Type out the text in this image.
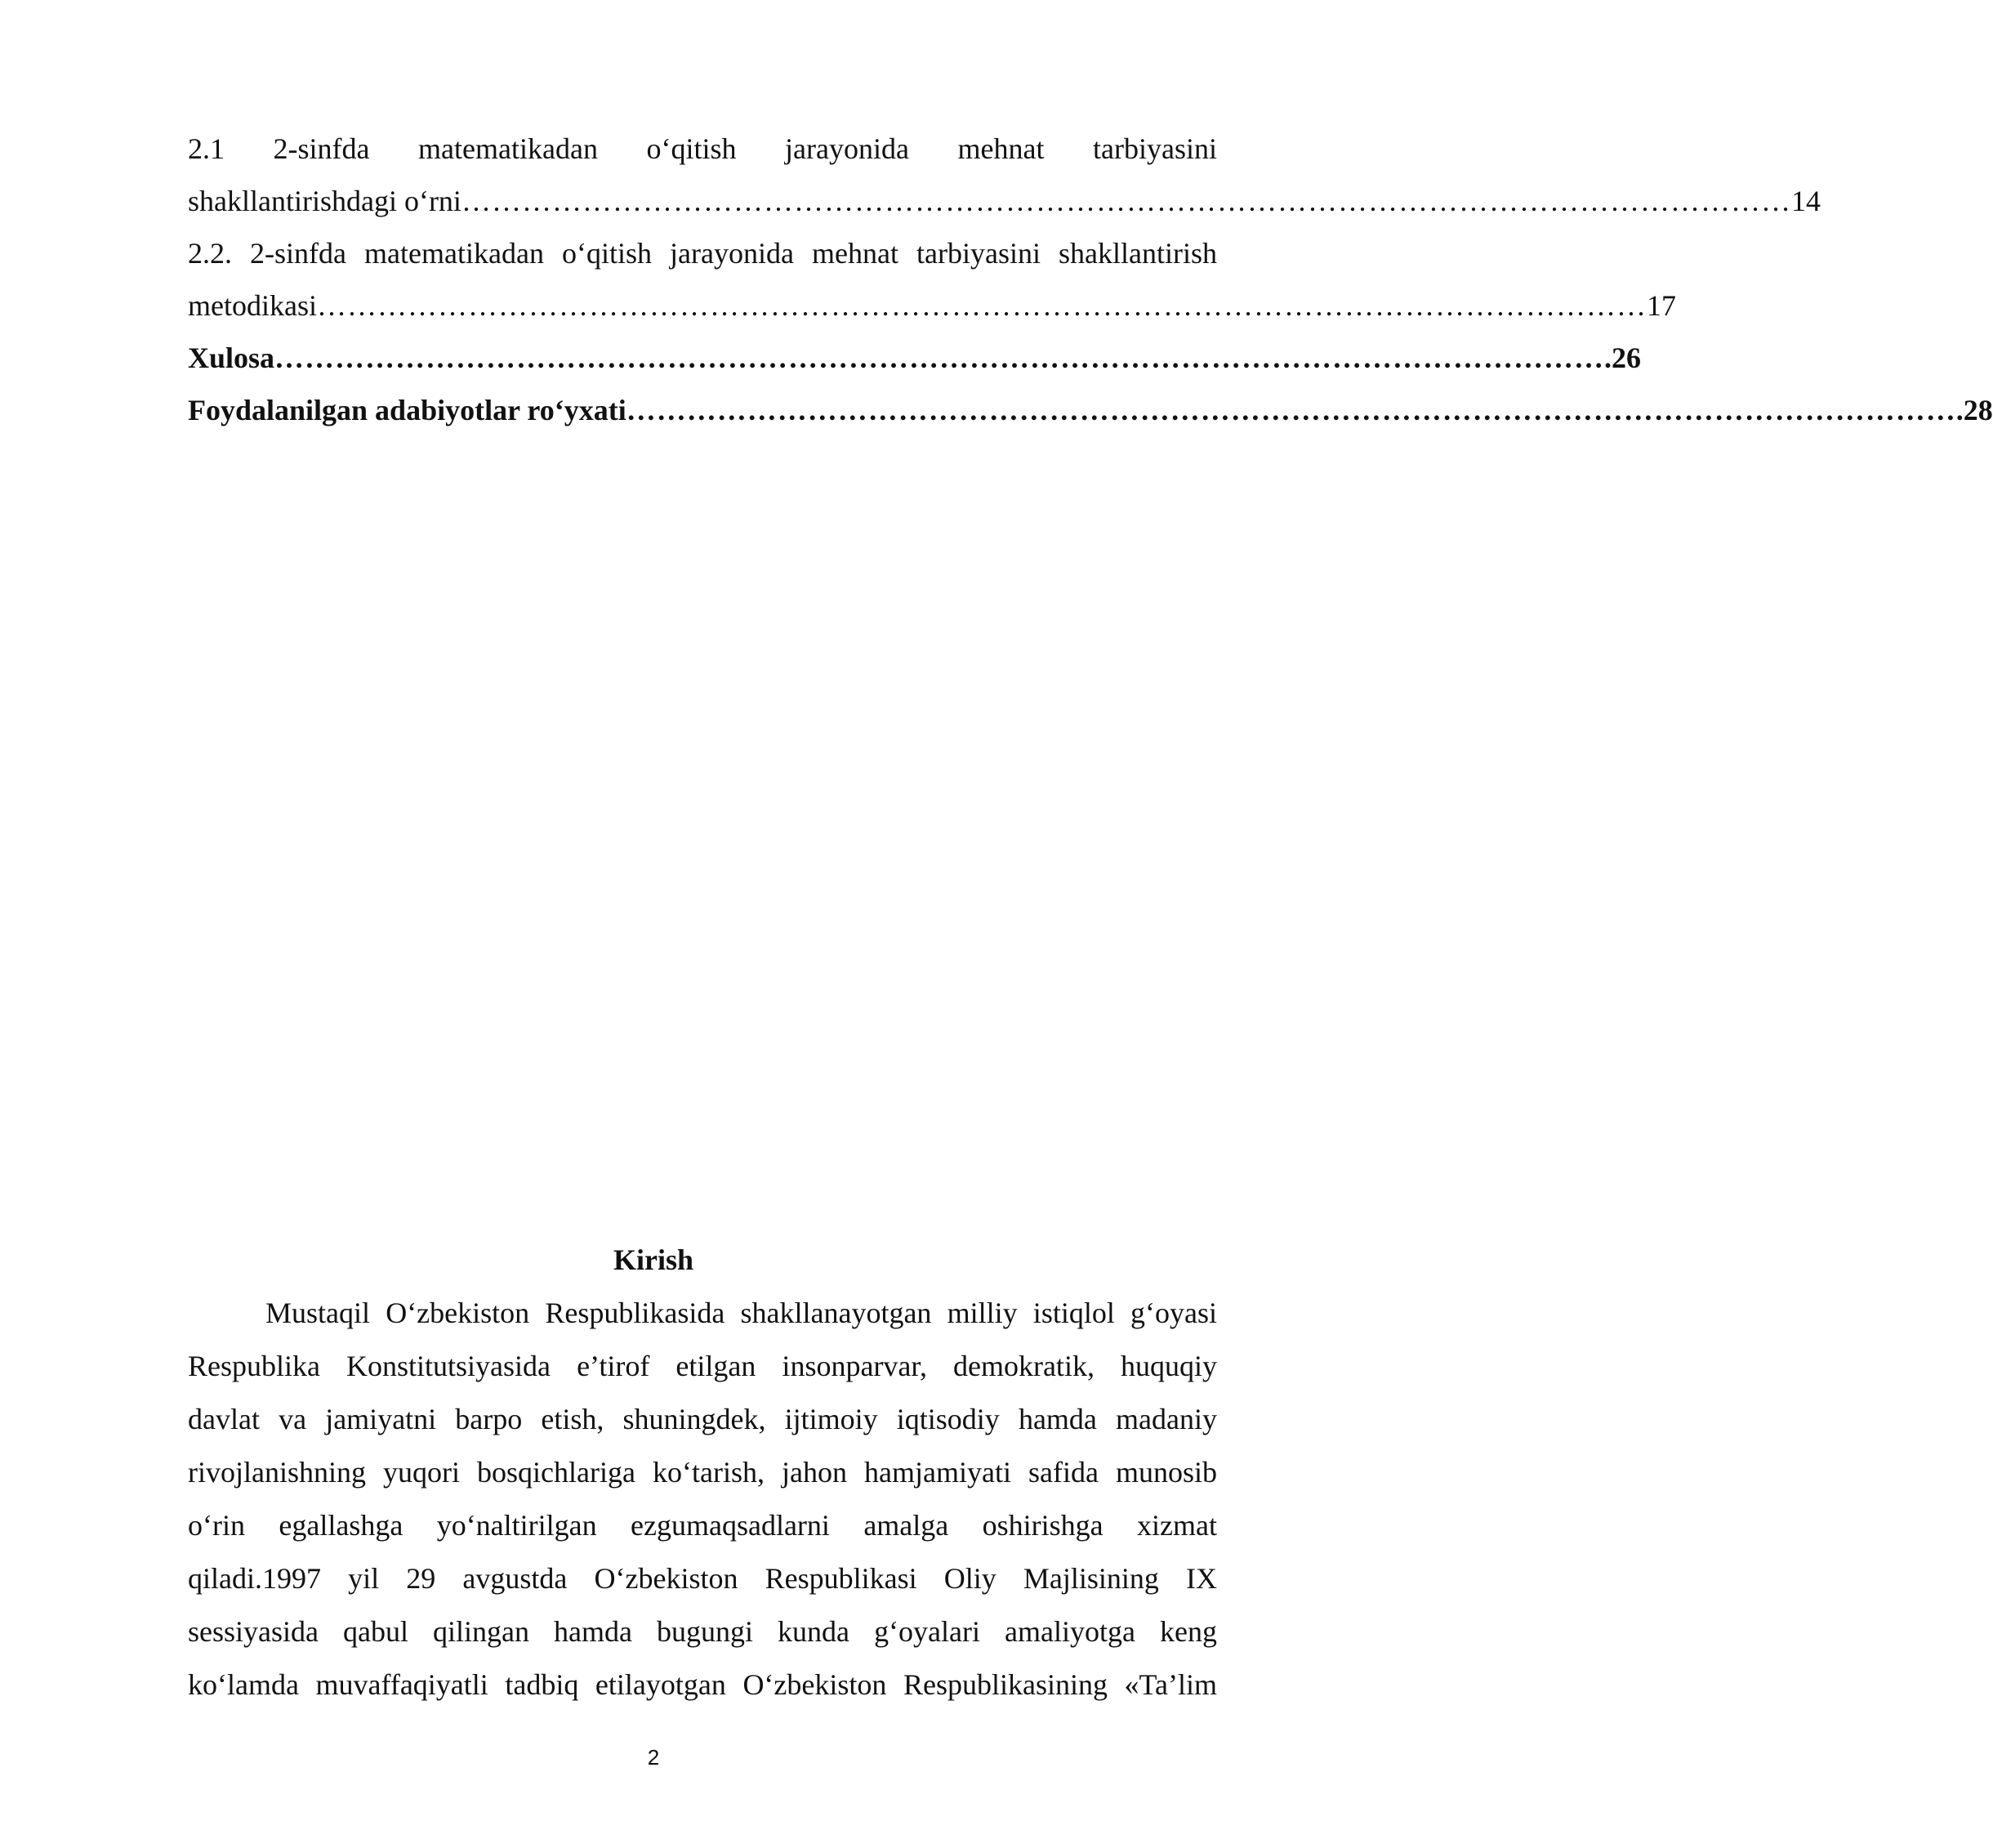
2.1 2-sinfda matematikadan o‘qitish jarayonida mehnat tarbiyasini
shakllantirishdagi o‘rni …………………………………………………………………………………………………………………… 14
2.2. 2-sinfda matematikadan o‘qitish jarayonida mehnat tarbiyasini shakllantirish
metodikasi …………………………………………………………………………………………………………………… 17
Xulosa …………………………………………………………………………………………………………………… .26
Foydalanilgan adabiyotlar ro‘yxati …………………………………………………………………………………………………………………… .28
Kirish
Mustaqil O‘zbekiston Respublikasida shakllanayotgan milliy istiqlol g‘oyasi
Respublika Konstitutsiyasida e’tirof etilgan insonparvar, demokratik, huquqiy
davlat va jamiyatni barpo etish, shuningdek, ijtimoiy iqtisodiy hamda madaniy
rivojlanishning yuqori bosqichlariga ko‘tarish, jahon hamjamiyati safida munosib
o‘rin egallashga yo‘naltirilgan ezgumaqsadlarni amalga oshirishga xizmat
qiladi.1997 yil 29 avgustda O‘zbekiston Respublikasi Oliy Majlisining IX
sessiyasida qabul qilingan hamda bugungi kunda g‘oyalari amaliyotga keng
ko‘lamda muvaffaqiyatli tadbiq etilayotgan O‘zbekiston Respublikasining «Ta’lim
2
